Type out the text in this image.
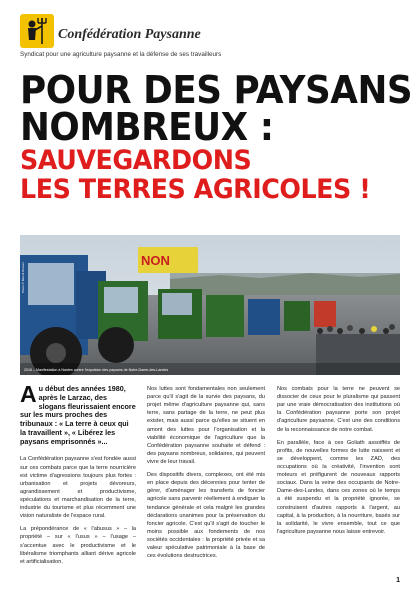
Confédération Paysanne
Syndicat pour une agriculture paysanne et la défense de ses travailleurs
POUR DES PAYSANS
NOMBREUX :
SAUVEGARDONS
LES TERRES AGRICOLES !
NON
2016 – Manifestation à Nantes contre l'expulsion des paysans de Notre-Dame-des-Landes
Photo © Benoît Bouvet
Au début des années 1980, après le Larzac, des slogans fleurissaient encore sur les murs proches des tribunaux : « La terre à ceux qui la travaillent », « Libérez les paysans emprisonnés »...

La Confédération paysanne s'est fondée aussi sur ces combats parce que la terre nourricière est victime d'agressions toujours plus fortes : urbanisation et projets dévoreurs, agrandissement et productivisme, spéculations et marchandisation de la terre, industrie du tourisme et plus récemment une vision naturaliste de l'espace rural.

La prépondérance de « l'abusus » – la propriété – sur « l'usus » – l'usage – s'accentue avec le productivisme et le libéralisme triomphants alliant dérive agricole et artificialisation.

Nos luttes sont fondamentales non seulement parce qu'il s'agit de la survie des paysans, du projet même d'agriculture paysanne qui, sans terre, sans partage de la terre, ne peut plus exister, mais aussi parce qu'elles se situent en amont des luttes pour l'organisation et la viabilité économique de l'agriculture que la Confédération paysanne souhaite et défend : des paysans nombreux, solidaires, qui peuvent vivre de leur travail.

Des dispositifs divers, complexes, ont été mis en place depuis des décennies pour tenter de gérer, d'aménager les transferts de foncier agricole sans parvenir réellement à endiguer la tendance générale et cela malgré les grandes déclarations unanimes pour la préservation du foncier agricole. C'est qu'il s'agit de toucher le moins possible aux fondements de nos sociétés occidentales : la propriété privée et sa valeur spéculative patrimoniale à la base de ces évolutions destructrices.

Nos combats pour la terre ne peuvent se dissocier de ceux pour le pluralisme qui passent par une vraie démocratisation des institutions où la Confédération paysanne porte son projet d'agriculture paysanne. C'est une des conditions de la reconnaissance de notre combat.

En parallèle, face à ces Goliath assoiffés de profits, de nouvelles formes de lutte naissent et se développent, comme les ZAD, des occupations où la créativité, l'invention sont moteurs et préfigurent de nouveaux rapports sociaux. Dans la veine des occupants de Notre-Dame-des-Landes, dans ces zones où le temps a été suspendu et la propriété ignorée, se construisent d'autres rapports à l'argent, au capital, à la production, à la nourriture, basés sur la solidarité, le vivre ensemble, tout ce que l'agriculture paysanne nous laisse entrevoir.

1
